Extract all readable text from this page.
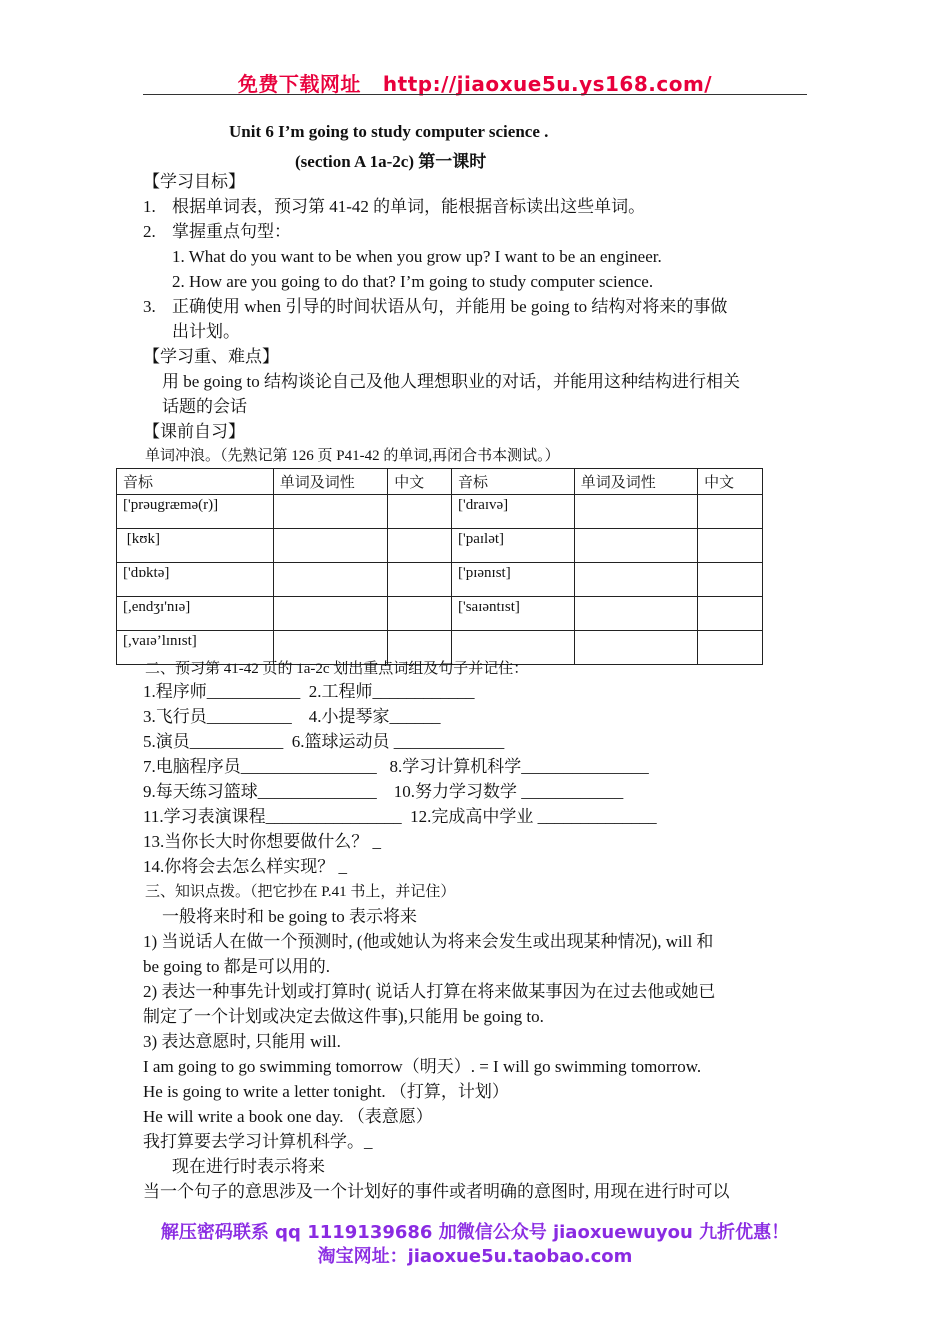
免费下载网址 http://jiaoxue5u.ys168.com/
Unit 6 I’m going to study computer science .
(section A 1a-2c) 第一课时
【学习目标】
1. 根据单词表，预习第 41-42 的单词，能根据音标读出这些单词。
2. 掌握重点句型：
1. What do you want to be when you grow up? I want to be an engineer.
2. How are you going to do that? I’m going to study computer science.
3. 正确使用 when 引导的时间状语从句，并能用 be going to 结构对将来的事做
出计划。
【学习重、难点】
用 be going to 结构谈论自己及他人理想职业的对话，并能用这种结构进行相关
话题的会话
【课前自习】
单词冲浪。（先熟记第 126 页 P41-42 的单词,再闭合书本测试。）
音标	单词及词性	中文	音标	单词及词性	中文
['prəugræmə(r)]			['draɪvə]		
[kʊk]			['paɪlət]		
['dɒktə]			['pɪənɪst]		
[,endʒɪ'nɪə]			['saɪəntɪst]		
[,vaɪə’lɪnɪst]					
二、预习第 41-42 页的 1a-2c 划出重点词组及句子并记住：
1.程序师___________  2.工程师____________
3.飞行员__________    4.小提琴家______
5.演员___________  6.篮球运动员 _____________
7.电脑程序员________________   8.学习计算机科学_______________
9.每天练习篮球______________    10.努力学习数学 ____________
11.学习表演课程________________  12.完成高中学业 ______________
13.当你长大时你想要做什么？ _
14.你将会去怎么样实现？ _
三、知识点拨。（把它抄在 P.41 书上，并记住）
一般将来时和 be going to 表示将来
1) 当说话人在做一个预测时, (他或她认为将来会发生或出现某种情况), will 和
be going to 都是可以用的.
2) 表达一种事先计划或打算时( 说话人打算在将来做某事因为在过去他或她已
制定了一个计划或决定去做这件事),只能用 be going to.
3) 表达意愿时, 只能用 will.
I am going to go swimming tomorrow（明天）. = I will go swimming tomorrow.
He is going to write a letter tonight. （打算，计划）
He will write a book one day. （表意愿）
我打算要去学习计算机科学。_
现在进行时表示将来
当一个句子的意思涉及一个计划好的事件或者明确的意图时, 用现在进行时可以
解压密码联系 qq 1119139686 加微信公众号 jiaoxuewuyou 九折优惠！
淘宝网址：jiaoxue5u.taobao.com
